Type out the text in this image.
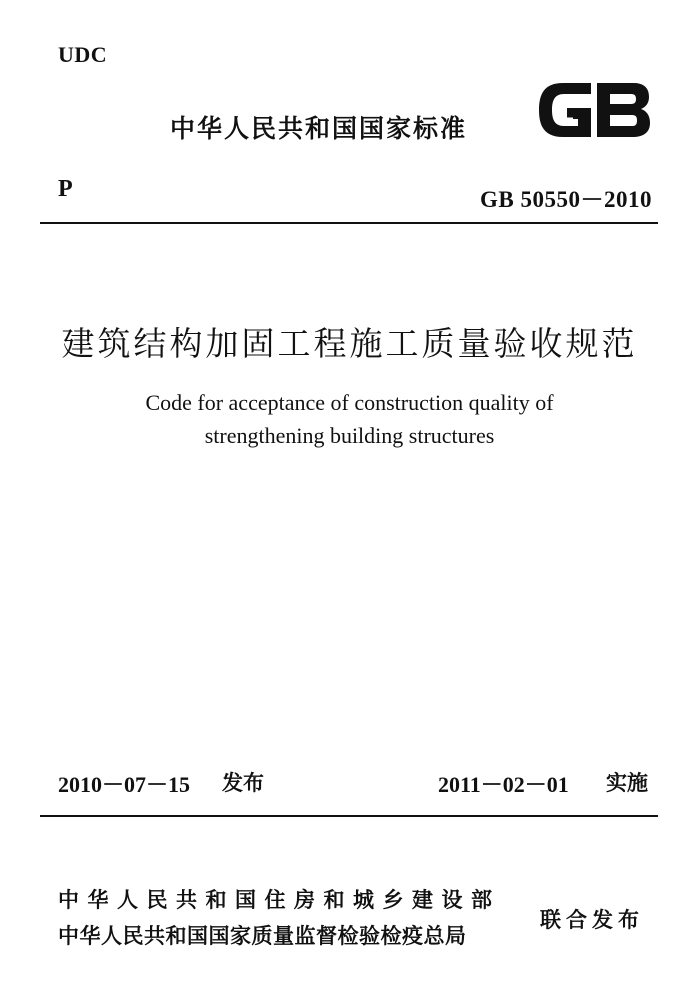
UDC
中华人民共和国国家标准
P	GB 50550－2010
建筑结构加固工程施工质量验收规范
Code for acceptance of construction quality of
strengthening building structures
2010－07－15 发布	2011－02－01 实施
中华人民共和国住房和城乡建设部
中华人民共和国国家质量监督检验检疫总局
联合发布
